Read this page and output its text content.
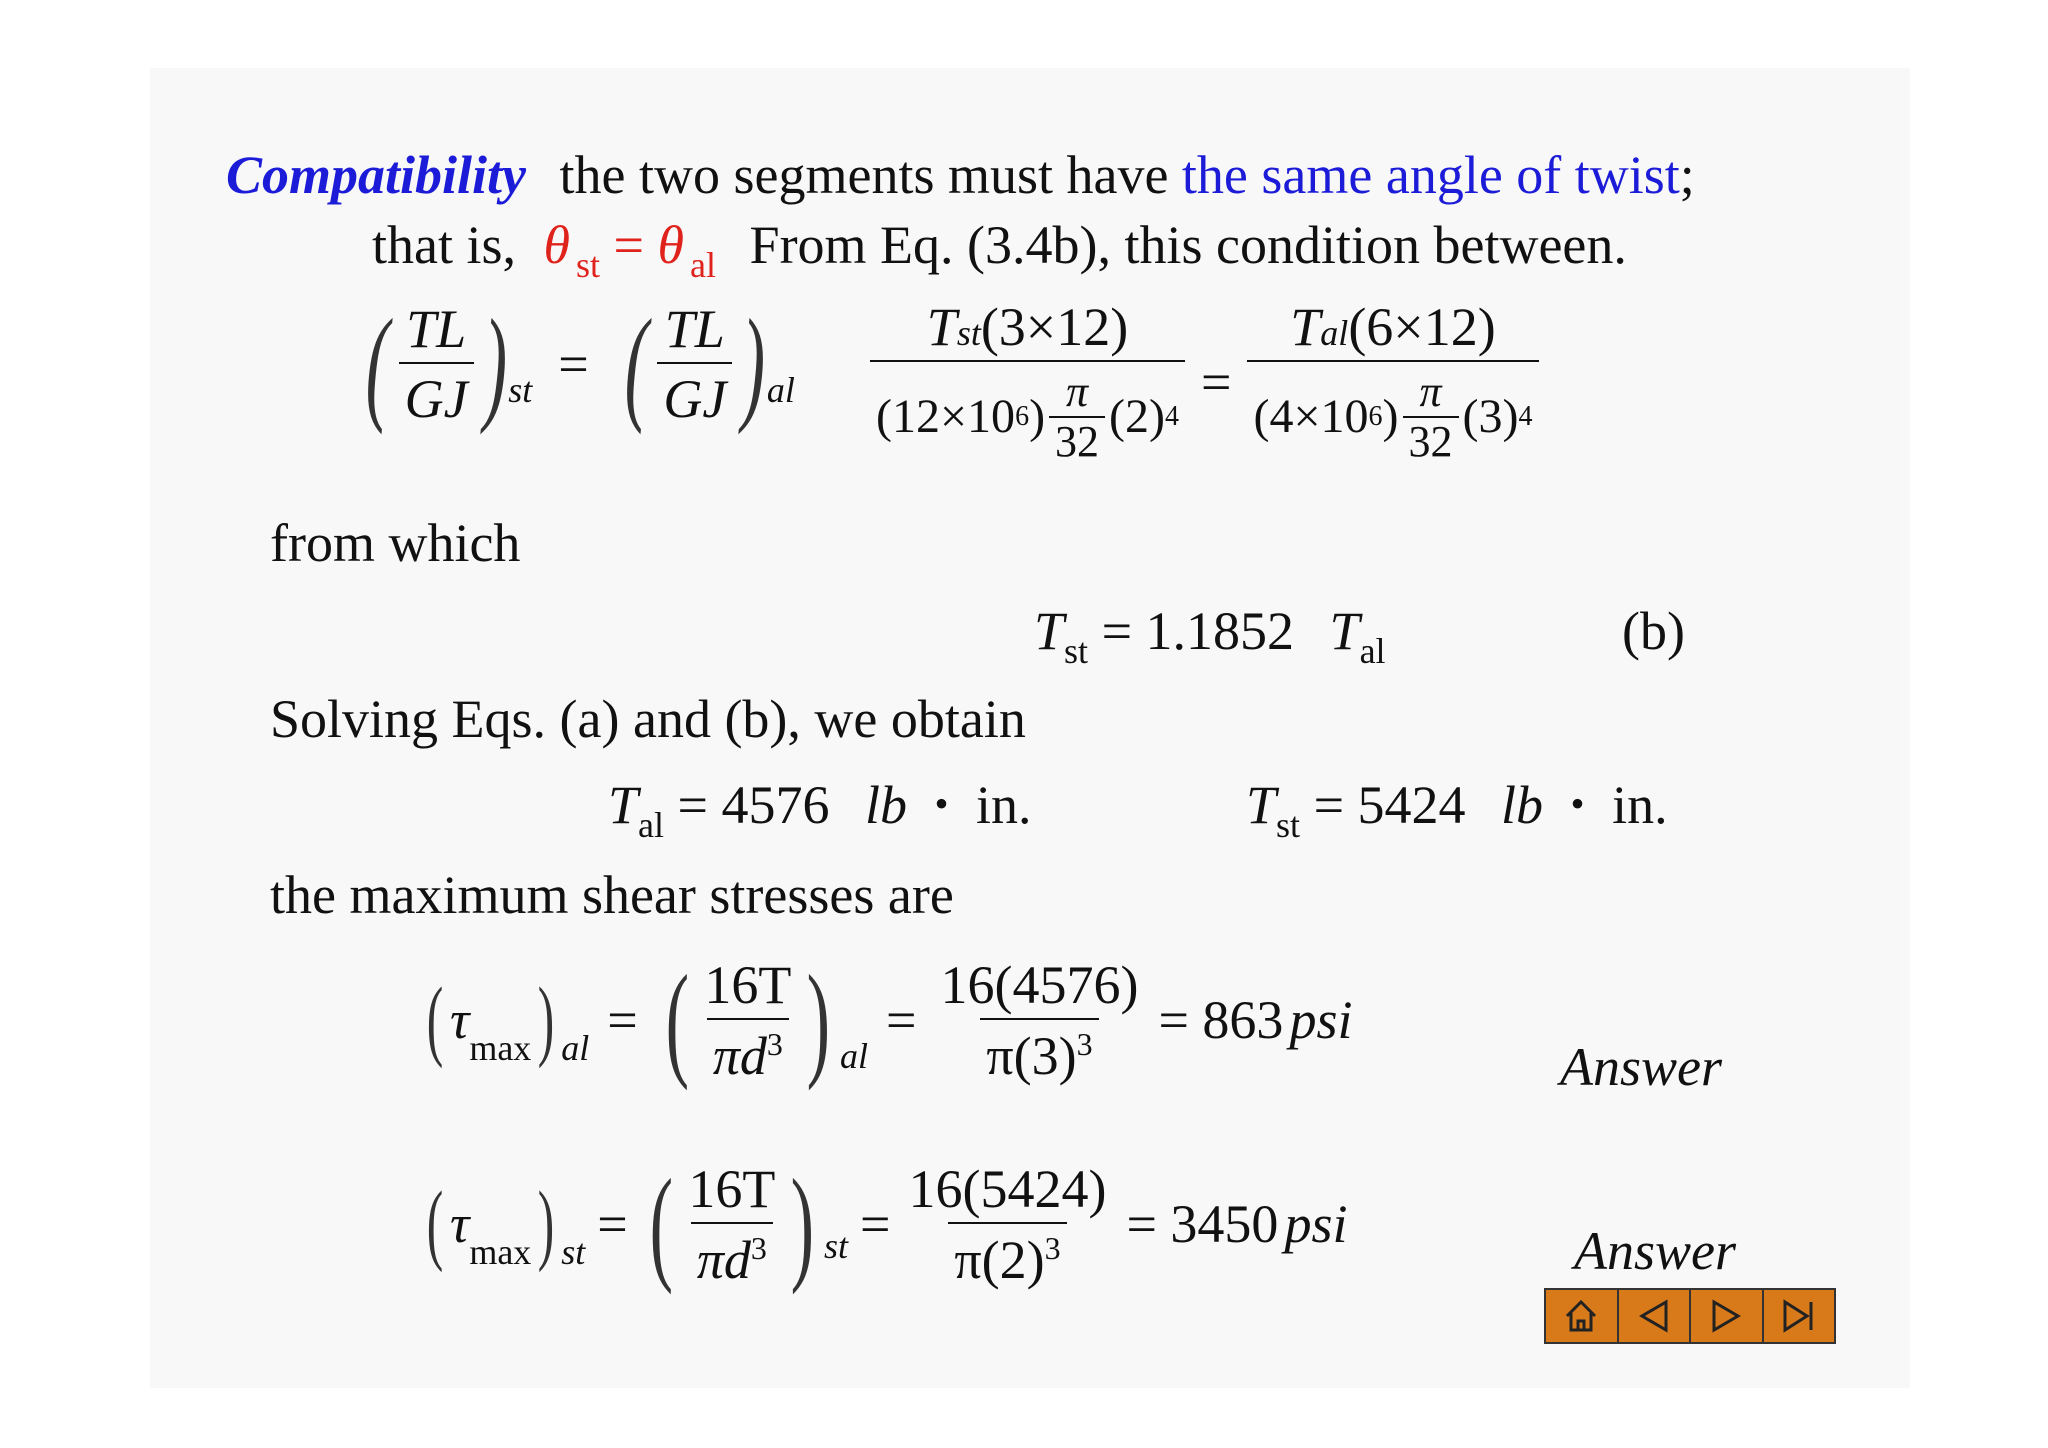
Compatibility the two segments must have the same angle of twist;
that is, θ $_{st}$ = θ $_{al}$ From Eq. (3.4b), this condition between.
( $\frac{TL}{GJ}$ ) st = ( $\frac{TL}{GJ}$ ) al $\frac{\text{Tst(3×12)}}{(12\times 10 6 ) \frac{\pi}{32} (2) 4} = \frac{\text{Tal(6×12)}}{(4\times 10 6 ) \frac{\pi}{32} (3) 4}$
from which
$T_{st} = 1.1852$ $T_{al}$	(b)
Solving Eqs. (a) and (b), we obtain
$T_{al} = 4576$ lb • in.	$T_{st} = 5424$ lb • in.
the maximum shear stresses are
( τ max ) al = ( $\frac{16T}{\pi d^3}$ ) al
= $\frac{16(4576)}{\pi(3)^3} = 863$ psi
Answer
( τ max ) st = ( $\frac{16T}{\pi d^3}$ ) st = $\frac{16(5424)}{\pi(2)^3} = 3450$ psi	Answer
